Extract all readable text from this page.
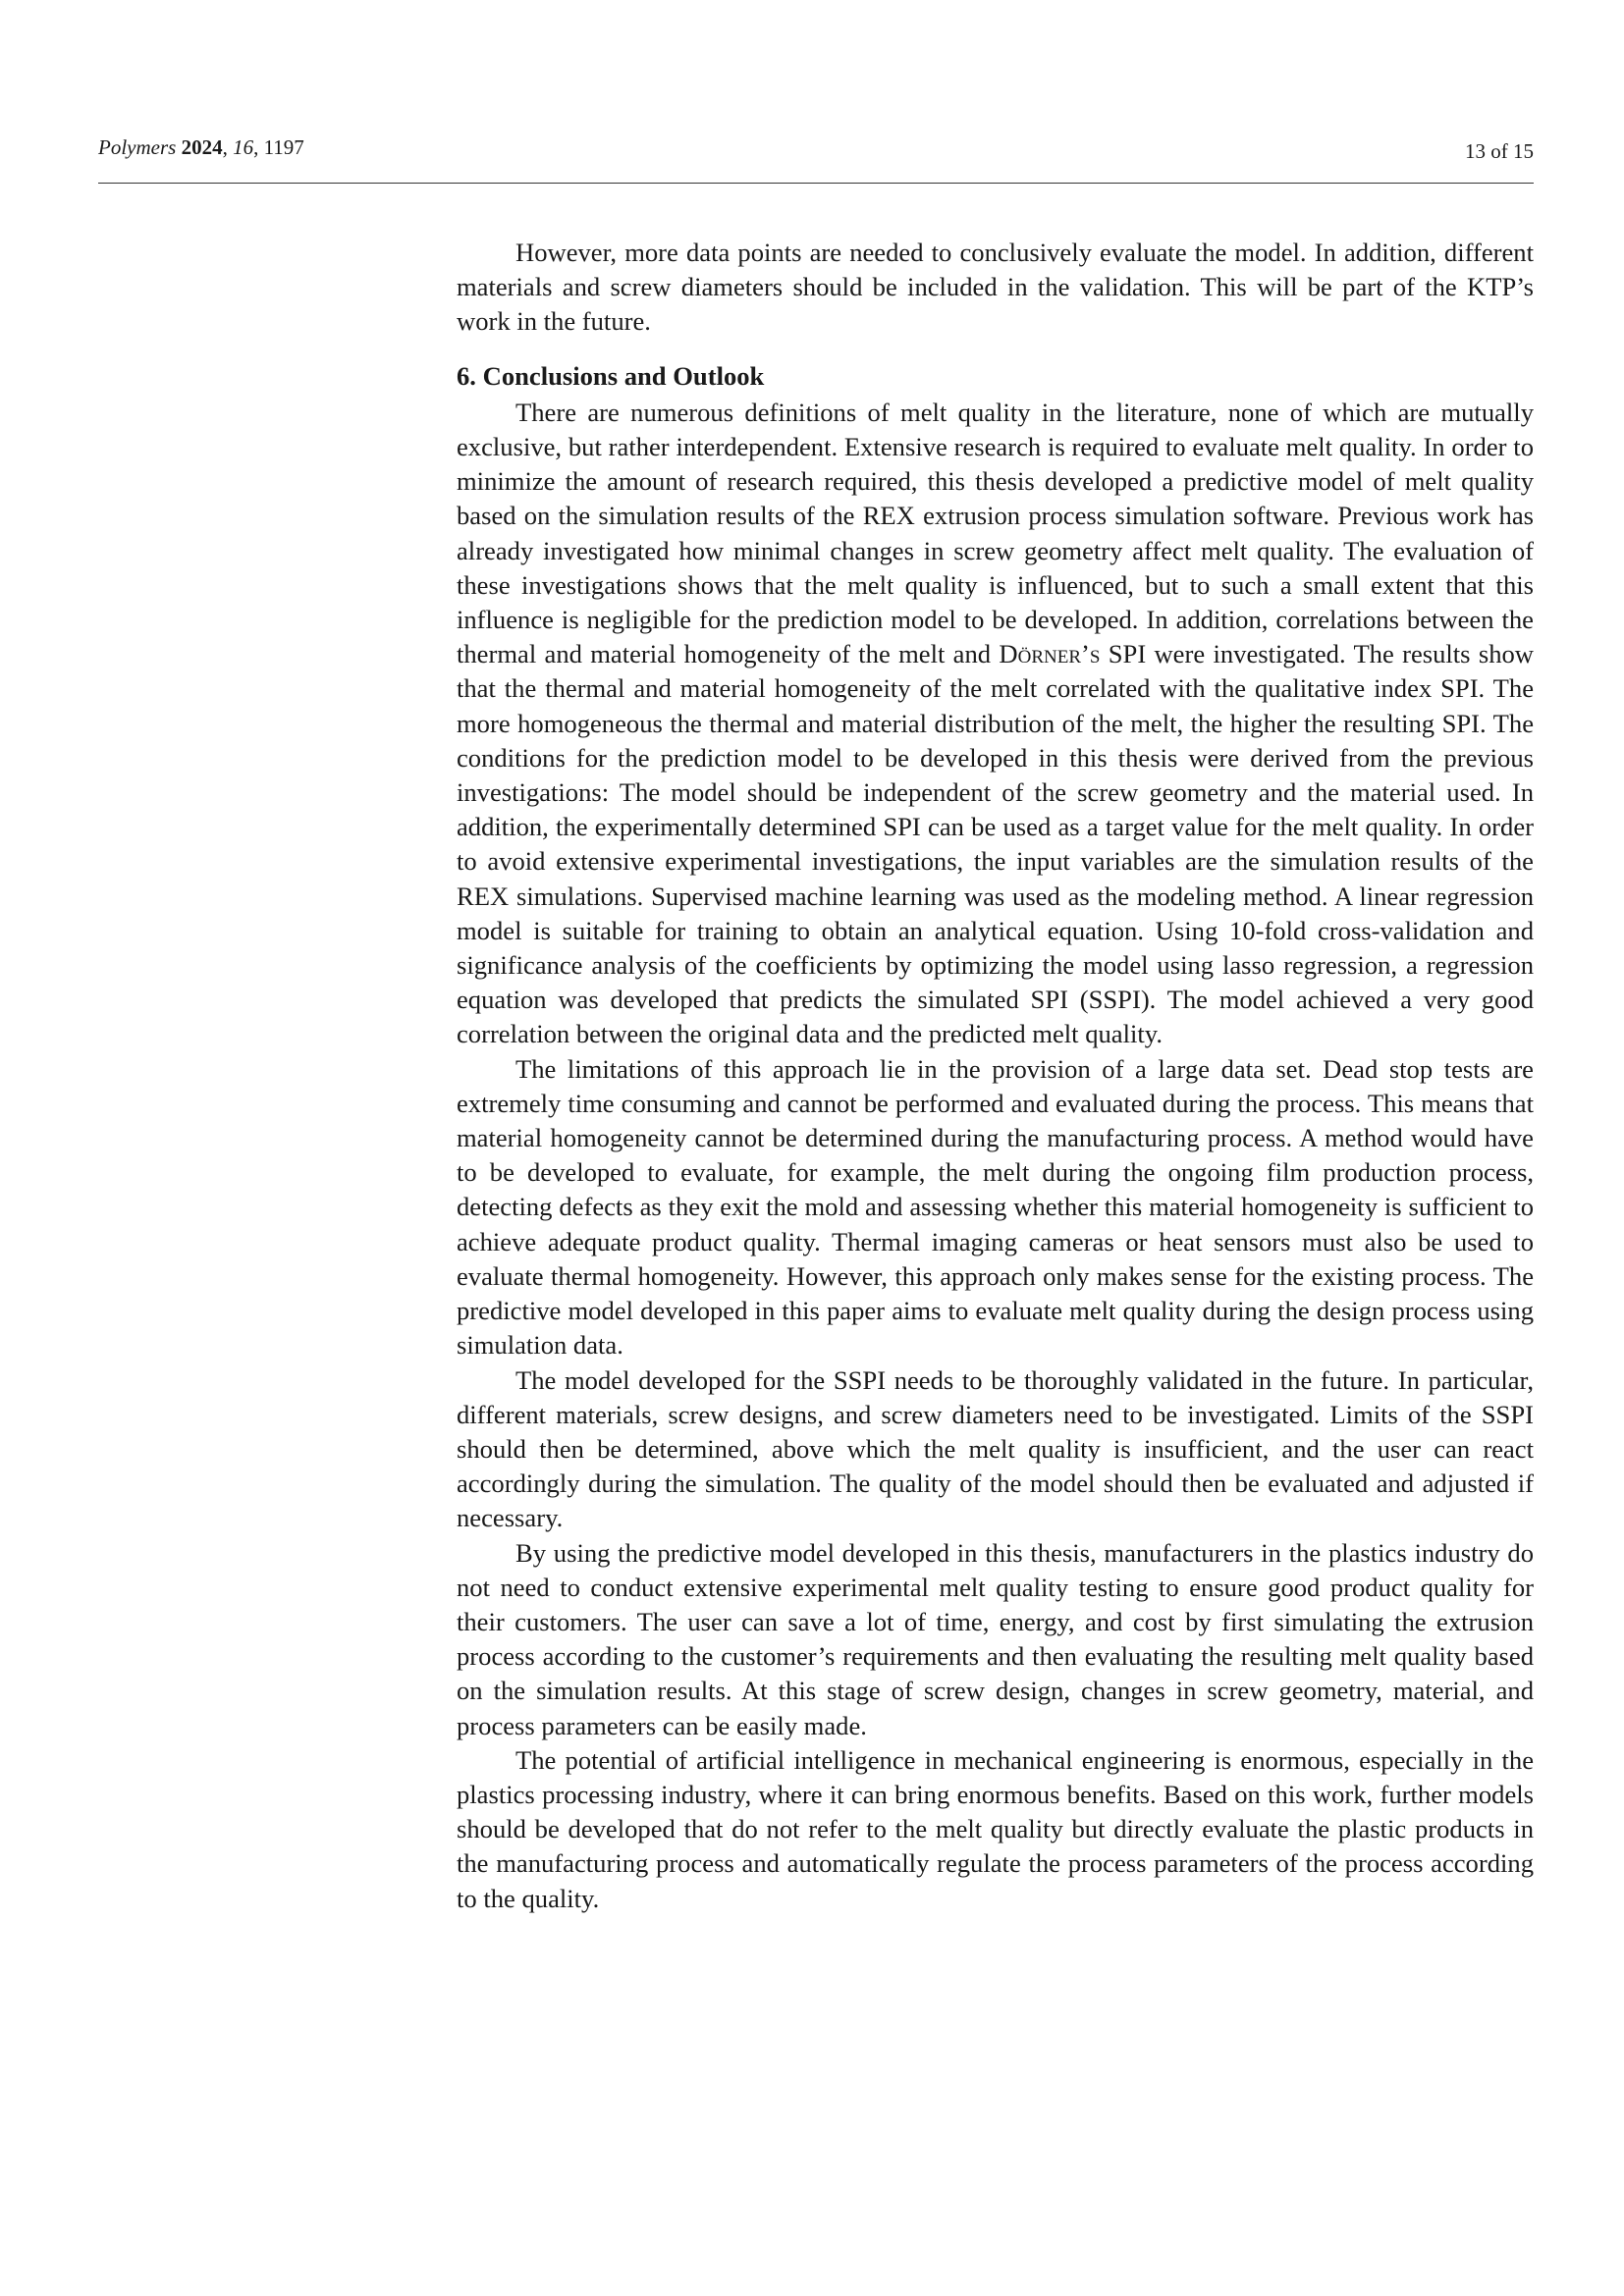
Polymers 2024, 16, 1197	13 of 15

However, more data points are needed to conclusively evaluate the model. In addition, different materials and screw diameters should be included in the validation. This will be part of the KTP’s work in the future.

6. Conclusions and Outlook

There are numerous definitions of melt quality in the literature, none of which are mutually exclusive, but rather interdependent. Extensive research is required to evaluate melt quality. In order to minimize the amount of research required, this thesis developed a predictive model of melt quality based on the simulation results of the REX extrusion process simulation software. Previous work has already investigated how minimal changes in screw geometry affect melt quality. The evaluation of these investigations shows that the melt quality is influenced, but to such a small extent that this influence is negligible for the prediction model to be developed. In addition, correlations between the thermal and material homogeneity of the melt and Dörner’s SPI were investigated. The results show that the thermal and material homogeneity of the melt correlated with the qualitative index SPI. The more homogeneous the thermal and material distribution of the melt, the higher the resulting SPI. The conditions for the prediction model to be developed in this thesis were derived from the previous investigations: The model should be independent of the screw geometry and the material used. In addition, the experimentally determined SPI can be used as a target value for the melt quality. In order to avoid extensive experimental investigations, the input variables are the simulation results of the REX simulations. Supervised machine learning was used as the modeling method. A linear regression model is suitable for training to obtain an analytical equation. Using 10-fold cross-validation and significance analysis of the coefficients by optimizing the model using lasso regression, a regression equation was developed that predicts the simulated SPI (SSPI). The model achieved a very good correlation between the original data and the predicted melt quality.

The limitations of this approach lie in the provision of a large data set. Dead stop tests are extremely time consuming and cannot be performed and evaluated during the process. This means that material homogeneity cannot be determined during the manufacturing process. A method would have to be developed to evaluate, for example, the melt during the ongoing film production process, detecting defects as they exit the mold and assessing whether this material homogeneity is sufficient to achieve adequate product quality. Thermal imaging cameras or heat sensors must also be used to evaluate thermal homogeneity. However, this approach only makes sense for the existing process. The predictive model developed in this paper aims to evaluate melt quality during the design process using simulation data.

The model developed for the SSPI needs to be thoroughly validated in the future. In particular, different materials, screw designs, and screw diameters need to be investigated. Limits of the SSPI should then be determined, above which the melt quality is insufficient, and the user can react accordingly during the simulation. The quality of the model should then be evaluated and adjusted if necessary.

By using the predictive model developed in this thesis, manufacturers in the plastics industry do not need to conduct extensive experimental melt quality testing to ensure good product quality for their customers. The user can save a lot of time, energy, and cost by first simulating the extrusion process according to the customer’s requirements and then evaluating the resulting melt quality based on the simulation results. At this stage of screw design, changes in screw geometry, material, and process parameters can be easily made.

The potential of artificial intelligence in mechanical engineering is enormous, especially in the plastics processing industry, where it can bring enormous benefits. Based on this work, further models should be developed that do not refer to the melt quality but directly evaluate the plastic products in the manufacturing process and automatically regulate the process parameters of the process according to the quality.
